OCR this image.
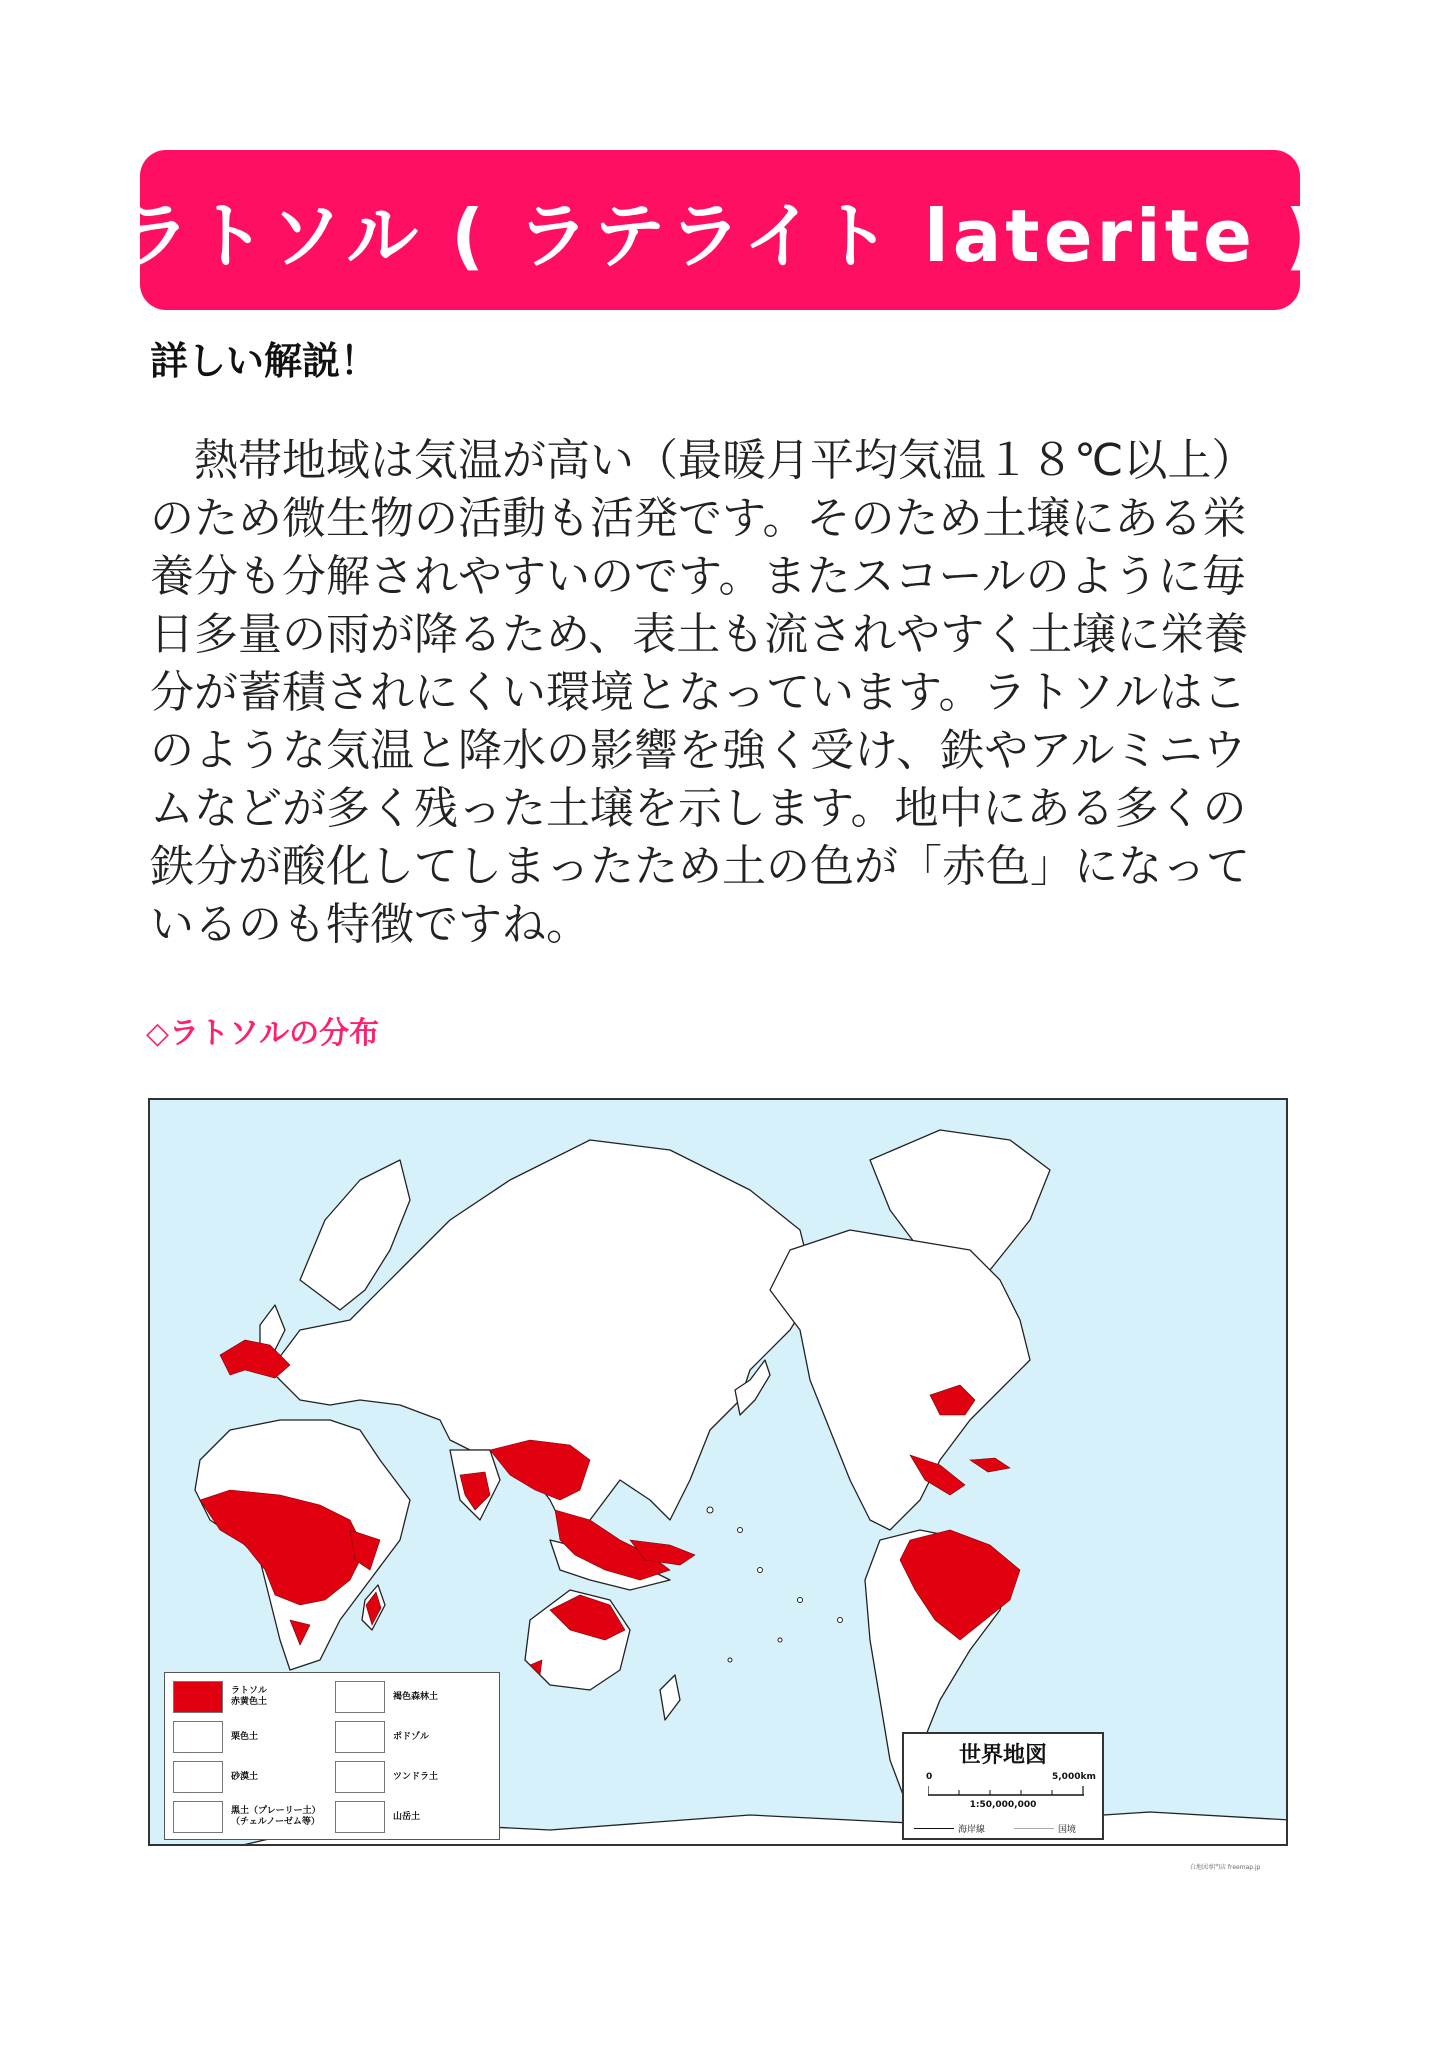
ラトソル ( ラテライト laterite )
詳しい解説！
　熱帯地域は気温が高い（最暖月平均気温１８℃以上）
のため微生物の活動も活発です。そのため土壌にある栄
養分も分解されやすいのです。またスコールのように毎
日多量の雨が降るため、表土も流されやすく土壌に栄養
分が蓄積されにくい環境となっています。ラトソルはこ
のような気温と降水の影響を強く受け、鉄やアルミニウ
ムなどが多く残った土壌を示します。地中にある多くの
鉄分が酸化してしまったため土の色が「赤色」になって
いるのも特徴ですね。
◇ラトソルの分布
ラトソル
赤黄色土
栗色土
砂漠土
黒土（プレーリー土）
（チェルノーゼム等）
褐色森林土
ポドゾル
ツンドラ土
山岳土
世界地図
0	5,000km
1:50,000,000
海岸線	国境
白地図専門店 freemap.jp
